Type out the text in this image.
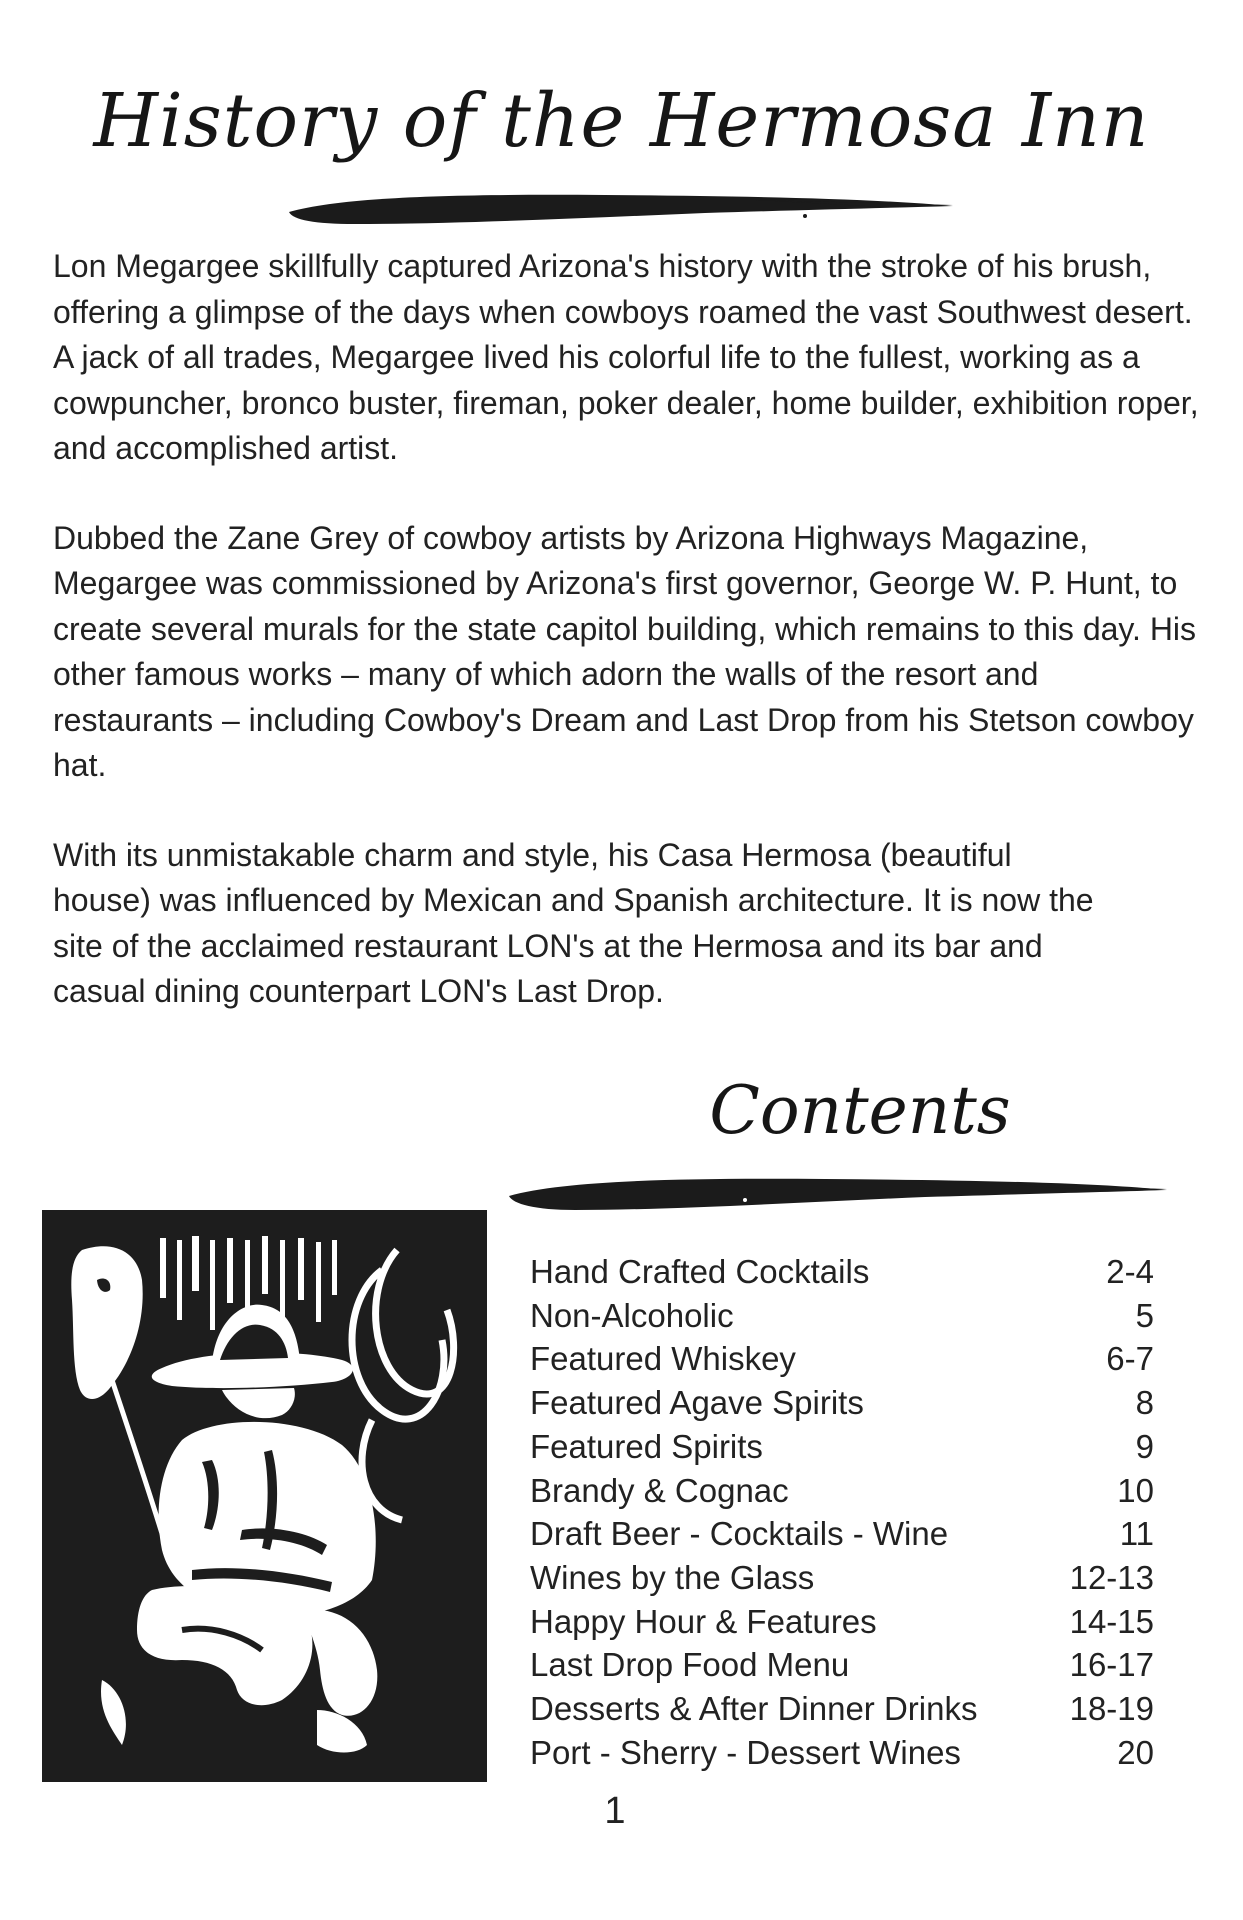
History of the Hermosa Inn

Lon Megargee skillfully captured Arizona's history with the stroke of his brush, offering a glimpse of the days when cowboys roamed the vast Southwest desert. A jack of all trades, Megargee lived his colorful life to the fullest, working as a cowpuncher, bronco buster, fireman, poker dealer, home builder, exhibition roper, and accomplished artist.

Dubbed the Zane Grey of cowboy artists by Arizona Highways Magazine, Megargee was commissioned by Arizona's first governor, George W. P. Hunt, to create several murals for the state capitol building, which remains to this day. His other famous works – many of which adorn the walls of the resort and restaurants – including Cowboy's Dream and Last Drop from his Stetson cowboy hat.

With its unmistakable charm and style, his Casa Hermosa (beautiful house) was influenced by Mexican and Spanish architecture. It is now the site of the acclaimed restaurant LON's at the Hermosa and its bar and casual dining counterpart LON's Last Drop.

Contents
Hand Crafted Cocktails	2-4
Non-Alcoholic	5
Featured Whiskey	6-7
Featured Agave Spirits	8
Featured Spirits	9
Brandy & Cognac	10
Draft Beer - Cocktails - Wine	11
Wines by the Glass	12-13
Happy Hour & Features	14-15
Last Drop Food Menu	16-17
Desserts & After Dinner Drinks	18-19
Port - Sherry - Dessert Wines	20
1
